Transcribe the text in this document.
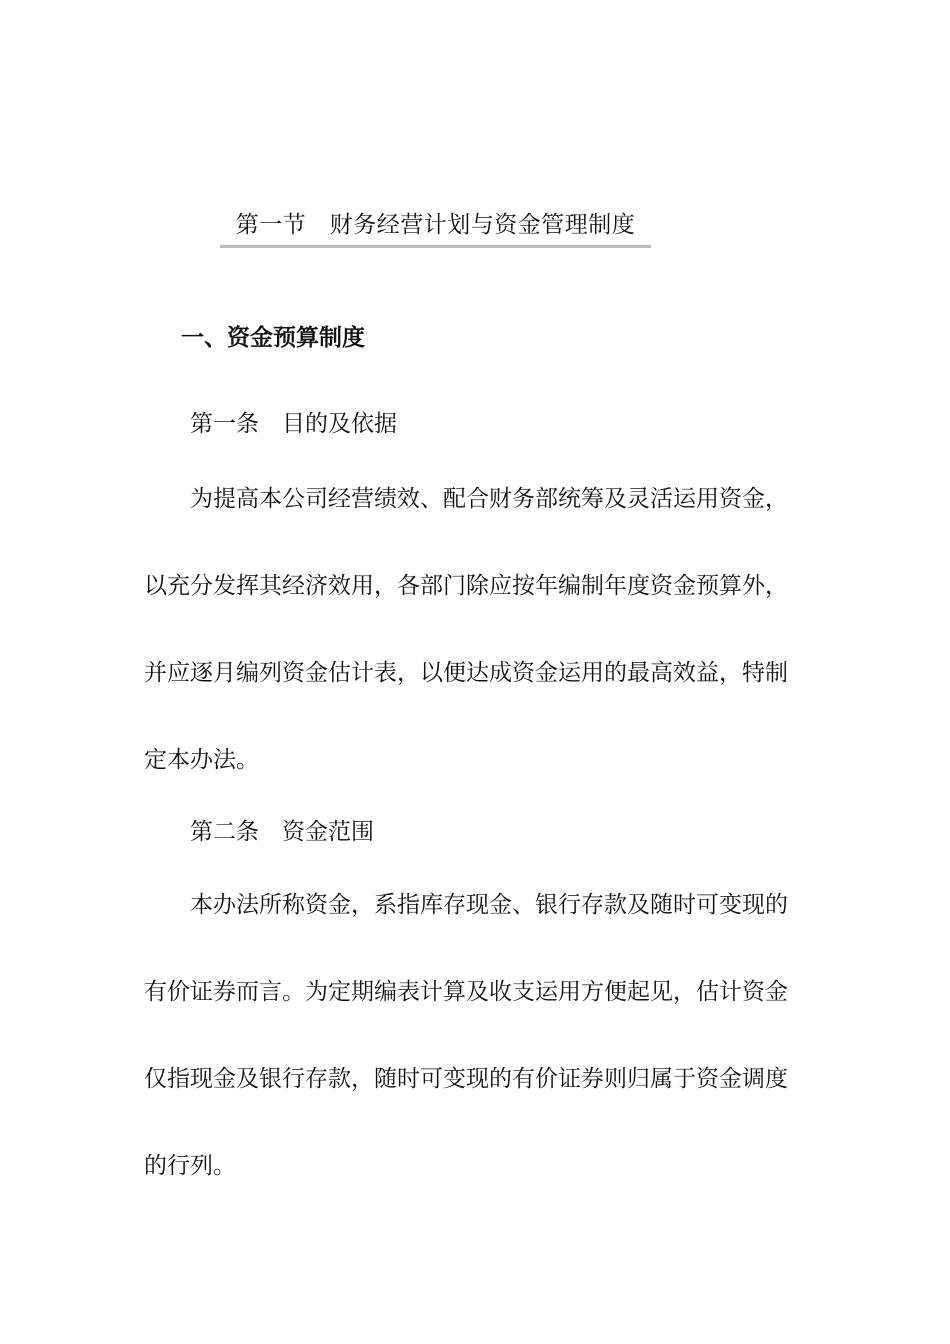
第一节　财务经营计划与资金管理制度
一、资金预算制度
第一条　目的及依据
为提高本公司经营绩效、配合财务部统筹及灵活运用资金，
以充分发挥其经济效用，各部门除应按年编制年度资金预算外，
并应逐月编列资金估计表，以便达成资金运用的最高效益，特制
定本办法。
第二条　资金范围
本办法所称资金，系指库存现金、银行存款及随时可变现的
有价证券而言。为定期编表计算及收支运用方便起见，估计资金
仅指现金及银行存款，随时可变现的有价证券则归属于资金调度
的行列。
